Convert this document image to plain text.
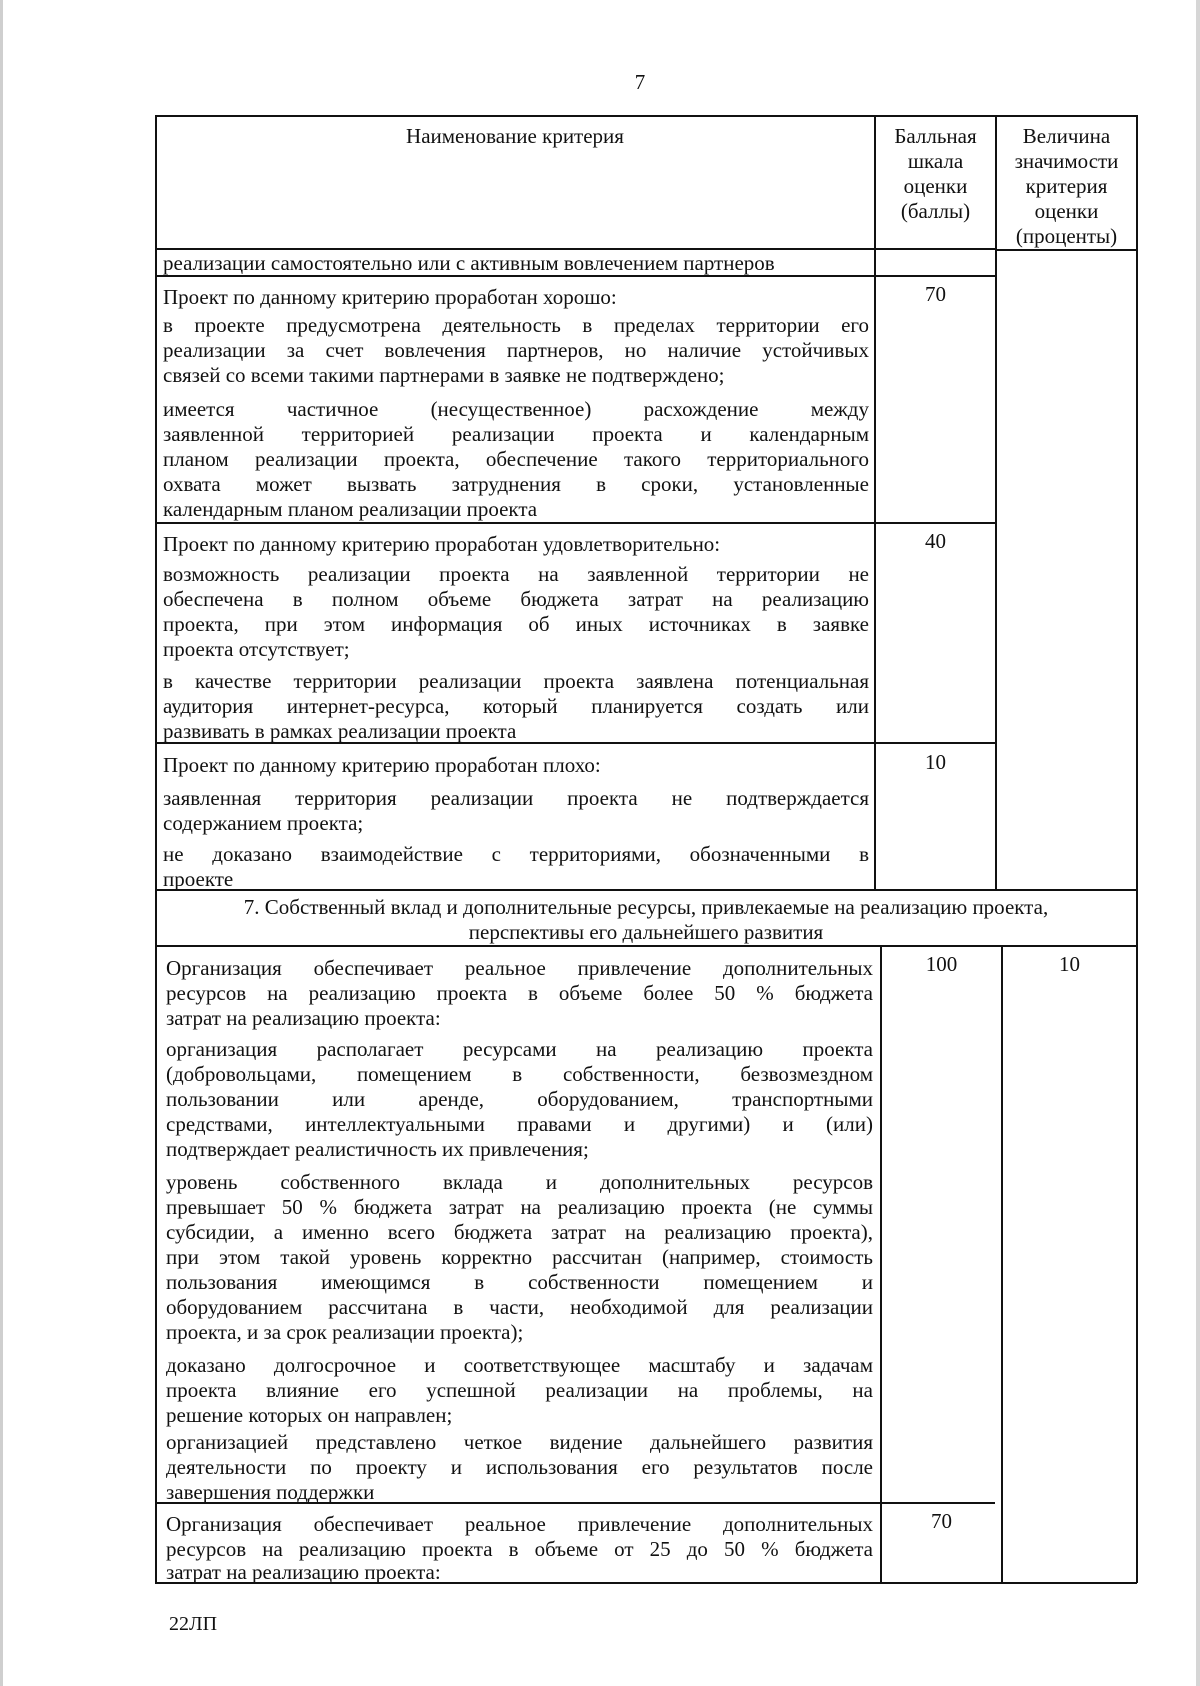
7
Наименование критерия	Балльная
шкала
оценки
(баллы)
Величина
значимости
критерия
оценки
(проценты)
реализации самостоятельно или с активным вовлечением партнеров
70
Проект по данному критерию проработан хорошо:
в проекте предусмотрена деятельность в пределах территории его
реализации за счет вовлечения партнеров, но наличие устойчивых
связей со всеми такими партнерами в заявке не подтверждено;
имеется частичное (несущественное) расхождение между
заявленной территорией реализации проекта и календарным
планом реализации проекта, обеспечение такого территориального
охвата может вызвать затруднения в сроки, установленные
календарным планом реализации проекта
40
Проект по данному критерию проработан удовлетворительно:
возможность реализации проекта на заявленной территории не
обеспечена в полном объеме бюджета затрат на реализацию
проекта, при этом информация об иных источниках в заявке
проекта отсутствует;
в качестве территории реализации проекта заявлена потенциальная
аудитория интернет-ресурса, который планируется создать или
развивать в рамках реализации проекта
10
Проект по данному критерию проработан плохо:
заявленная территория реализации проекта не подтверждается
содержанием проекта;
не доказано взаимодействие с территориями, обозначенными в
проекте
7. Собственный вклад и дополнительные ресурсы, привлекаемые на реализацию проекта,
перспективы его дальнейшего развития
100	10
Организация обеспечивает реальное привлечение дополнительных
ресурсов на реализацию проекта в объеме более 50 % бюджета
затрат на реализацию проекта:
организация располагает ресурсами на реализацию проекта
(добровольцами, помещением в собственности, безвозмездном
пользовании или аренде, оборудованием, транспортными
средствами, интеллектуальными правами и другими) и (или)
подтверждает реалистичность их привлечения;
уровень собственного вклада и дополнительных ресурсов
превышает 50 % бюджета затрат на реализацию проекта (не суммы
субсидии, а именно всего бюджета затрат на реализацию проекта),
при этом такой уровень корректно рассчитан (например, стоимость
пользования имеющимся в собственности помещением и
оборудованием рассчитана в части, необходимой для реализации
проекта, и за срок реализации проекта);
доказано долгосрочное и соответствующее масштабу и задачам
проекта влияние его успешной реализации на проблемы, на
решение которых он направлен;
организацией представлено четкое видение дальнейшего развития
деятельности по проекту и использования его результатов после
завершения поддержки
70
Организация обеспечивает реальное привлечение дополнительных
ресурсов на реализацию проекта в объеме от 25 до 50 % бюджета
затрат на реализацию проекта:
22ЛП
